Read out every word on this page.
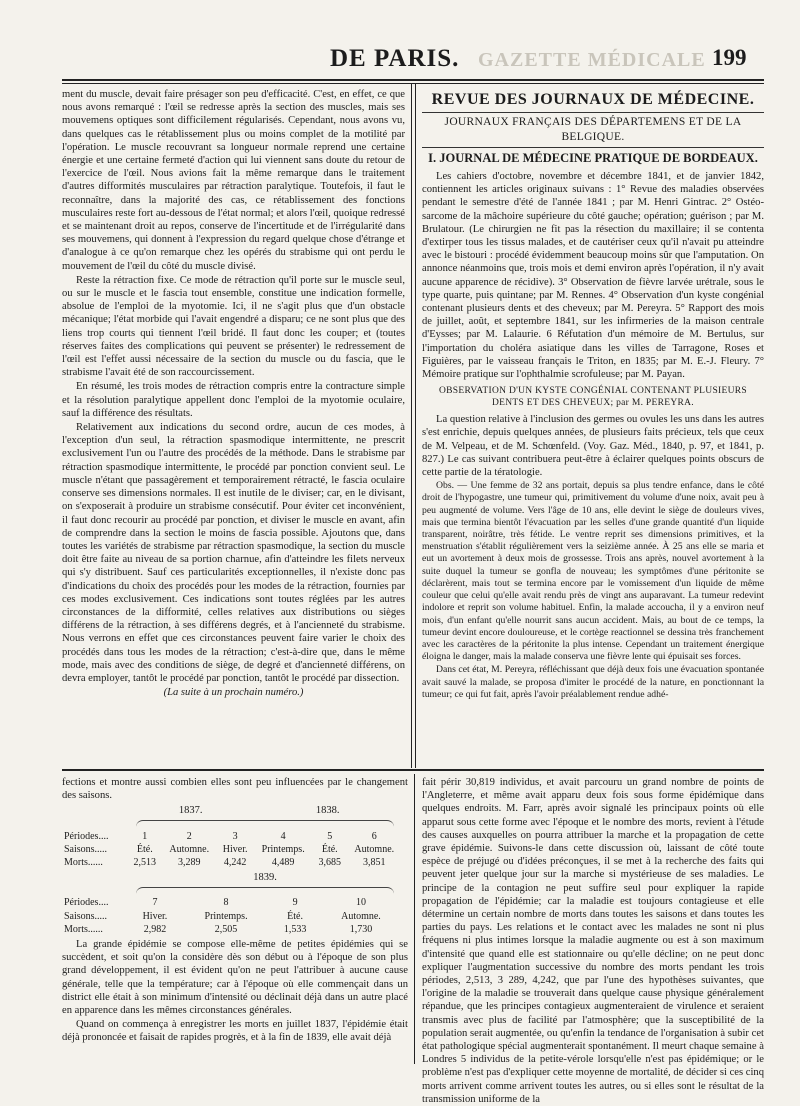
DE PARIS. GAZETTE MÉDICALE 199

ment du muscle, devait faire présager son peu d'efficacité. C'est, en effet, ce que nous avons remarqué : l'œil se redresse après la section des muscles, mais ses mouvemens optiques sont difficilement régularisés. Cependant, nous avons vu, dans quelques cas le rétablissement plus ou moins complet de la motilité par l'opération. Le muscle recouvrant sa longueur normale reprend une certaine énergie et une certaine fermeté d'action qui lui viennent sans doute du retour de l'exercice de l'œil. Nous avions fait la même remarque dans le traitement d'autres difformités musculaires par rétraction paralytique. Toutefois, il faut le reconnaître, dans la majorité des cas, ce rétablissement des fonctions musculaires reste fort au-dessous de l'état normal; et alors l'œil, quoique redressé et se maintenant droit au repos, conserve de l'incertitude et de l'irrégularité dans ses mouvemens, qui donnent à l'expression du regard quelque chose d'étrange et d'analogue à ce qu'on remarque chez les opérés du strabisme qui ont perdu le mouvement de l'œil du côté du muscle divisé.

Reste la rétraction fixe. Ce mode de rétraction qu'il porte sur le muscle seul, ou sur le muscle et le fascia tout ensemble, constitue une indication formelle, absolue de l'emploi de la myotomie. Ici, il ne s'agit plus que d'un obstacle mécanique; l'état morbide qui l'avait engendré a disparu; ce ne sont plus que des liens trop courts qui tiennent l'œil bridé. Il faut donc les couper; et (toutes réserves faites des complications qui peuvent se présenter) le redressement de l'œil est l'effet aussi nécessaire de la section du muscle ou du fascia, que le strabisme l'avait été de son raccourcissement.

En résumé, les trois modes de rétraction compris entre la contracture simple et la résolution paralytique appellent donc l'emploi de la myotomie oculaire, sauf la différence des résultats.

Relativement aux indications du second ordre, aucun de ces modes, à l'exception d'un seul, la rétraction spasmodique intermittente, ne prescrit exclusivement l'un ou l'autre des procédés de la méthode. Dans le strabisme par rétraction spasmodique intermittente, le procédé par ponction convient seul. Le muscle n'étant que passagèrement et temporairement rétracté, le fascia oculaire conserve ses dimensions normales. Il est inutile de le diviser; car, en le divisant, on s'exposerait à produire un strabisme consécutif. Pour éviter cet inconvénient, il faut donc recourir au procédé par ponction, et diviser le muscle en avant, afin de comprendre dans la section le moins de fascia possible. Ajoutons que, dans toutes les variétés de strabisme par rétraction spasmodique, la section du muscle doit être faite au niveau de sa portion charnue, afin d'atteindre les filets nerveux qui s'y distribuent. Sauf ces particularités exceptionnelles, il n'existe donc pas d'indications du choix des procédés pour les modes de la rétraction, fournies par ces modes exclusivement. Ces indications sont toutes réglées par les autres circonstances de la difformité, celles relatives aux distributions ou sièges différens de la rétraction, à ses différens degrés, et à l'ancienneté du strabisme. Nous verrons en effet que ces circonstances peuvent faire varier le choix des procédés dans tous les modes de la rétraction; c'est-à-dire que, dans le même mode, mais avec des conditions de siège, de degré et d'ancienneté différens, on devra employer, tantôt le procédé par ponction, tantôt le procédé par dissection.

(La suite à un prochain numéro.)

REVUE DES JOURNAUX DE MÉDECINE.
JOURNAUX FRANÇAIS DES DÉPARTEMENS ET DE LA BELGIQUE.
I. JOURNAL DE MÉDECINE PRATIQUE DE BORDEAUX.

Les cahiers d'octobre, novembre et décembre 1841, et de janvier 1842, contiennent les articles originaux suivans : 1° Revue des maladies observées pendant le semestre d'été de l'année 1841 ; par M. Henri Gintrac. 2° Ostéo-sarcome de la mâchoire supérieure du côté gauche; opération; guérison ; par M. Brulatour. (Le chirurgien ne fit pas la résection du maxillaire; il se contenta d'extirper tous les tissus malades, et de cautériser ceux qu'il n'avait pu atteindre avec le bistouri : procédé évidemment beaucoup moins sûr que l'amputation. On annonce néanmoins que, trois mois et demi environ après l'opération, il n'y avait aucune apparence de récidive). 3° Observation de fièvre larvée urétrale, sous le type quarte, puis quintane; par M. Rennes. 4° Observation d'un kyste congénial contenant plusieurs dents et des cheveux; par M. Pereyra. 5° Rapport des mois de juillet, août, et septembre 1841, sur les infirmeries de la maison centrale d'Eysses; par M. Lalaurie. 6 Réfutation d'un mémoire de M. Bertulus, sur l'importation du choléra asiatique dans les villes de Tarragone, Roses et Figuières, par le vaisseau français le Triton, en 1835; par M. E.-J. Fleury. 7° Mémoire pratique sur l'ophthalmie scrofuleuse; par M. Payan.

OBSERVATION D'UN KYSTE CONGÉNIAL CONTENANT PLUSIEURS DENTS ET DES CHEVEUX; par M. PEREYRA.

La question relative à l'inclusion des germes ou ovules les uns dans les autres s'est enrichie, depuis quelques années, de plusieurs faits précieux, tels que ceux de M. Velpeau, et de M. Schœnfeld. (Voy. Gaz. Méd., 1840, p. 97, et 1841, p. 827.) Le cas suivant contribuera peut-être à éclairer quelques points obscurs de cette partie de la tératologie.

Obs. — Une femme de 32 ans portait, depuis sa plus tendre enfance, dans le côté droit de l'hypogastre, une tumeur qui, primitivement du volume d'une noix, avait peu à peu augmenté de volume. Vers l'âge de 10 ans, elle devint le siège de douleurs vives, mais que termina bientôt l'évacuation par les selles d'une grande quantité d'un liquide transparent, noirâtre, très fétide. Le ventre reprit ses dimensions primitives, et la menstruation s'établit régulièrement vers la seizième année. À 25 ans elle se maria et eut un avortement à deux mois de grossesse. Trois ans après, nouvel avortement à la suite duquel la tumeur se gonfla de nouveau; les symptômes d'une péritonite se déclarèrent, mais tout se termina encore par le vomissement d'un liquide de même couleur que celui qu'elle avait rendu près de vingt ans auparavant. La tumeur redevint indolore et reprit son volume habituel. Enfin, la malade accoucha, il y a environ neuf mois, d'un enfant qu'elle nourrit sans aucun accident. Mais, au bout de ce temps, la tumeur devint encore douloureuse, et le cortège reactionnel se dessina très franchement avec les caractères de la péritonite la plus intense. Cependant un traitement énergique éloigna le danger, mais la malade conserva une fièvre lente qui épuisait ses forces.

Dans cet état, M. Pereyra, réfléchissant que déjà deux fois une évacuation spontanée avait sauvé la malade, se proposa d'imiter le procédé de la nature, en ponctionnant la tumeur; ce qui fut fait, après l'avoir préalablement rendue adhé-

fections et montre aussi combien elles sont peu influencées par le changement des saisons.

	1837.			1838.		

Périodes....	1	2	3	4	5	6
Saisons.....	Été.	Automne.	Hiver.	Printemps.	Été.	Automne.
Morts......	2,513	3,289	4,242	4,489	3,685	3,851
	1839.			

Périodes....	7	8	9	10
Saisons.....	Hiver.	Printemps.	Été.	Automne.
Morts......	2,982	2,505	1,533	1,730

La grande épidémie se compose elle-même de petites épidémies qui se succèdent, et soit qu'on la considère dès son début ou à l'époque de son plus grand développement, il est évident qu'on ne peut l'attribuer à aucune cause générale, telle que la température; car à l'époque où elle commençait dans un district elle était à son minimum d'intensité ou déclinait déjà dans un autre placé en apparence dans les mêmes circonstances générales.

Quand on commença à enregistrer les morts en juillet 1837, l'épidémie était déjà prononcée et faisait de rapides progrès, et à la fin de 1839, elle avait déjà

fait périr 30,819 individus, et avait parcouru un grand nombre de points de l'Angleterre, et même avait apparu deux fois sous forme épidémique dans quelques endroits. M. Farr, après avoir signalé les principaux points où elle apparut sous cette forme avec l'époque et le nombre des morts, revient à l'étude des causes auxquelles on pourra attribuer la marche et la propagation de cette grave épidémie. Suivons-le dans cette discussion où, laissant de côté toute espèce de préjugé ou d'idées préconçues, il se met à la recherche des faits qui peuvent jeter quelque jour sur la marche si mystérieuse de ses maladies. Le principe de la contagion ne peut suffire seul pour expliquer la rapide propagation de l'épidémie; car la maladie est toujours contagieuse et elle détermine un certain nombre de morts dans toutes les saisons et dans toutes les parties du pays. Les relations et le contact avec les malades ne sont ni plus fréquens ni plus intimes lorsque la maladie augmente ou est à son maximum d'intensité que quand elle est stationnaire ou qu'elle décline; on ne peut donc expliquer l'augmentation successive du nombre des morts pendant les trois périodes, 2,513, 3 289, 4,242, que par l'une des hypothèses suivantes, que l'origine de la maladie se trouverait dans quelque cause physique généralement répandue, que les principes contagieux augmenteraient de virulence et seraient transmis avec plus de facilité par l'atmosphère; que la susceptibilité de la population serait augmentée, ou qu'enfin la tendance de l'organisation à subir cet état pathologique spécial augmenterait spontanément. Il meurt chaque semaine à Londres 5 individus de la petite-vérole lorsqu'elle n'est pas épidémique; or le problème n'est pas d'expliquer cette moyenne de mortalité, de décider si ces cinq morts arrivent comme arrivent toutes les autres, ou si elles sont le résultat de la transmission uniforme de la
